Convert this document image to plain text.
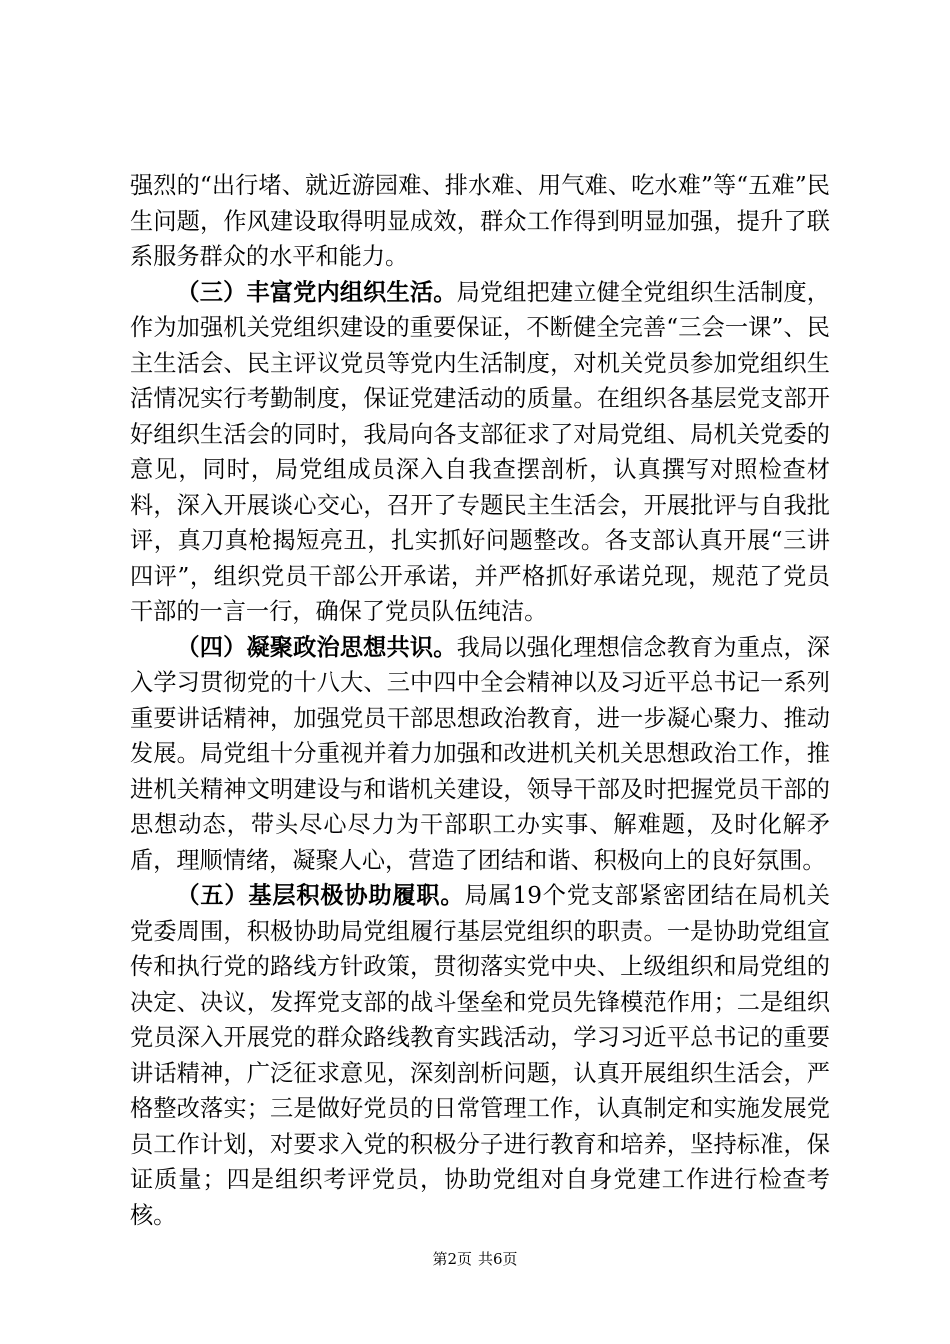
强烈的“出行堵、就近游园难、排水难、用气难、吃水难”等“五难”民生问题，作风建设取得明显成效，群众工作得到明显加强，提升了联系服务群众的水平和能力。

（三）丰富党内组织生活。局党组把建立健全党组织生活制度，作为加强机关党组织建设的重要保证，不断健全完善“三会一课”、民主生活会、民主评议党员等党内生活制度，对机关党员参加党组织生活情况实行考勤制度，保证党建活动的质量。在组织各基层党支部开好组织生活会的同时，我局向各支部征求了对局党组、局机关党委的意见，同时，局党组成员深入自我查摆剖析，认真撰写对照检查材料，深入开展谈心交心，召开了专题民主生活会，开展批评与自我批评，真刀真枪揭短亮丑，扎实抓好问题整改。各支部认真开展“三讲四评”，组织党员干部公开承诺，并严格抓好承诺兑现，规范了党员干部的一言一行，确保了党员队伍纯洁。

（四）凝聚政治思想共识。我局以强化理想信念教育为重点，深入学习贯彻党的十八大、三中四中全会精神以及习近平总书记一系列重要讲话精神，加强党员干部思想政治教育，进一步凝心聚力、推动发展。局党组十分重视并着力加强和改进机关机关思想政治工作，推进机关精神文明建设与和谐机关建设，领导干部及时把握党员干部的思想动态，带头尽心尽力为干部职工办实事、解难题，及时化解矛盾，理顺情绪，凝聚人心，营造了团结和谐、积极向上的良好氛围。

（五）基层积极协助履职。局属19个党支部紧密团结在局机关党委周围，积极协助局党组履行基层党组织的职责。一是协助党组宣传和执行党的路线方针政策，贯彻落实党中央、上级组织和局党组的决定、决议，发挥党支部的战斗堡垒和党员先锋模范作用；二是组织党员深入开展党的群众路线教育实践活动，学习习近平总书记的重要讲话精神，广泛征求意见，深刻剖析问题，认真开展组织生活会，严格整改落实；三是做好党员的日常管理工作，认真制定和实施发展党员工作计划，对要求入党的积极分子进行教育和培养，坚持标准，保证质量；四是组织考评党员，协助党组对自身党建工作进行检查考核。

第2页 共6页
